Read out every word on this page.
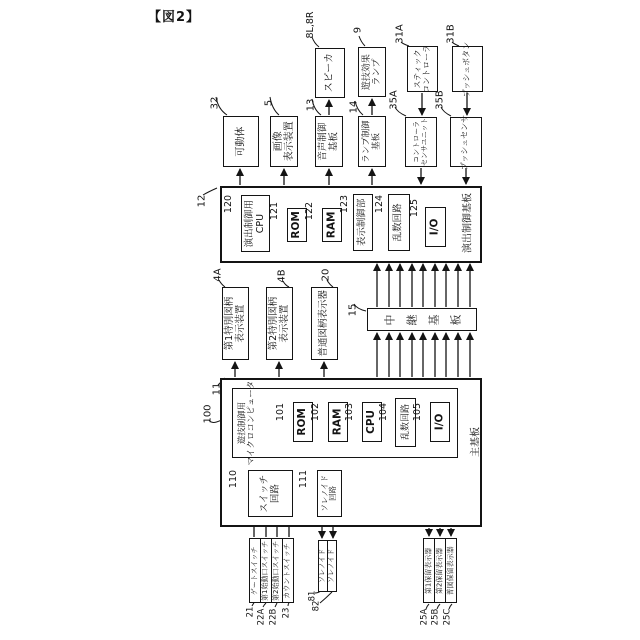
【図2】
可動体	画像
表示装置 音声制御
基板	ランプ制御
基板
スピーカ	遊技効果
ランプ	スティック
コントローラ	プッシュボタン
コントローラ
センサユニット	プッシュセンサ
演出制御用
CPU ROM RAM 表示制御部	乱数回路 I/O 演出制御基板
第1特別図柄
表示装置 第2特別図柄
表示装置	普通図柄表示器	中 継 基 板
遊技制御用
マイクロコンピュータ	ROM RAM CPU	乱数回路 I/O
スイッチ
回路	ソレノイド
回路
主基板
ゲートスイッチ 第1始動口スイッチ 第2始動口スイッチ カウントスイッチ	ソレノイド ソレノイド	第1保留表示器 第2保留表示器 普図保留表示器
32	5	13	14
8L,8R	9	31A	31B
35A	35B
12 120	121	122	123	124	125
4A	4B	20
15
11
100	101	102 103 104 105
110	111
21 22A 22B 23
81
82
25A 25B 25C
